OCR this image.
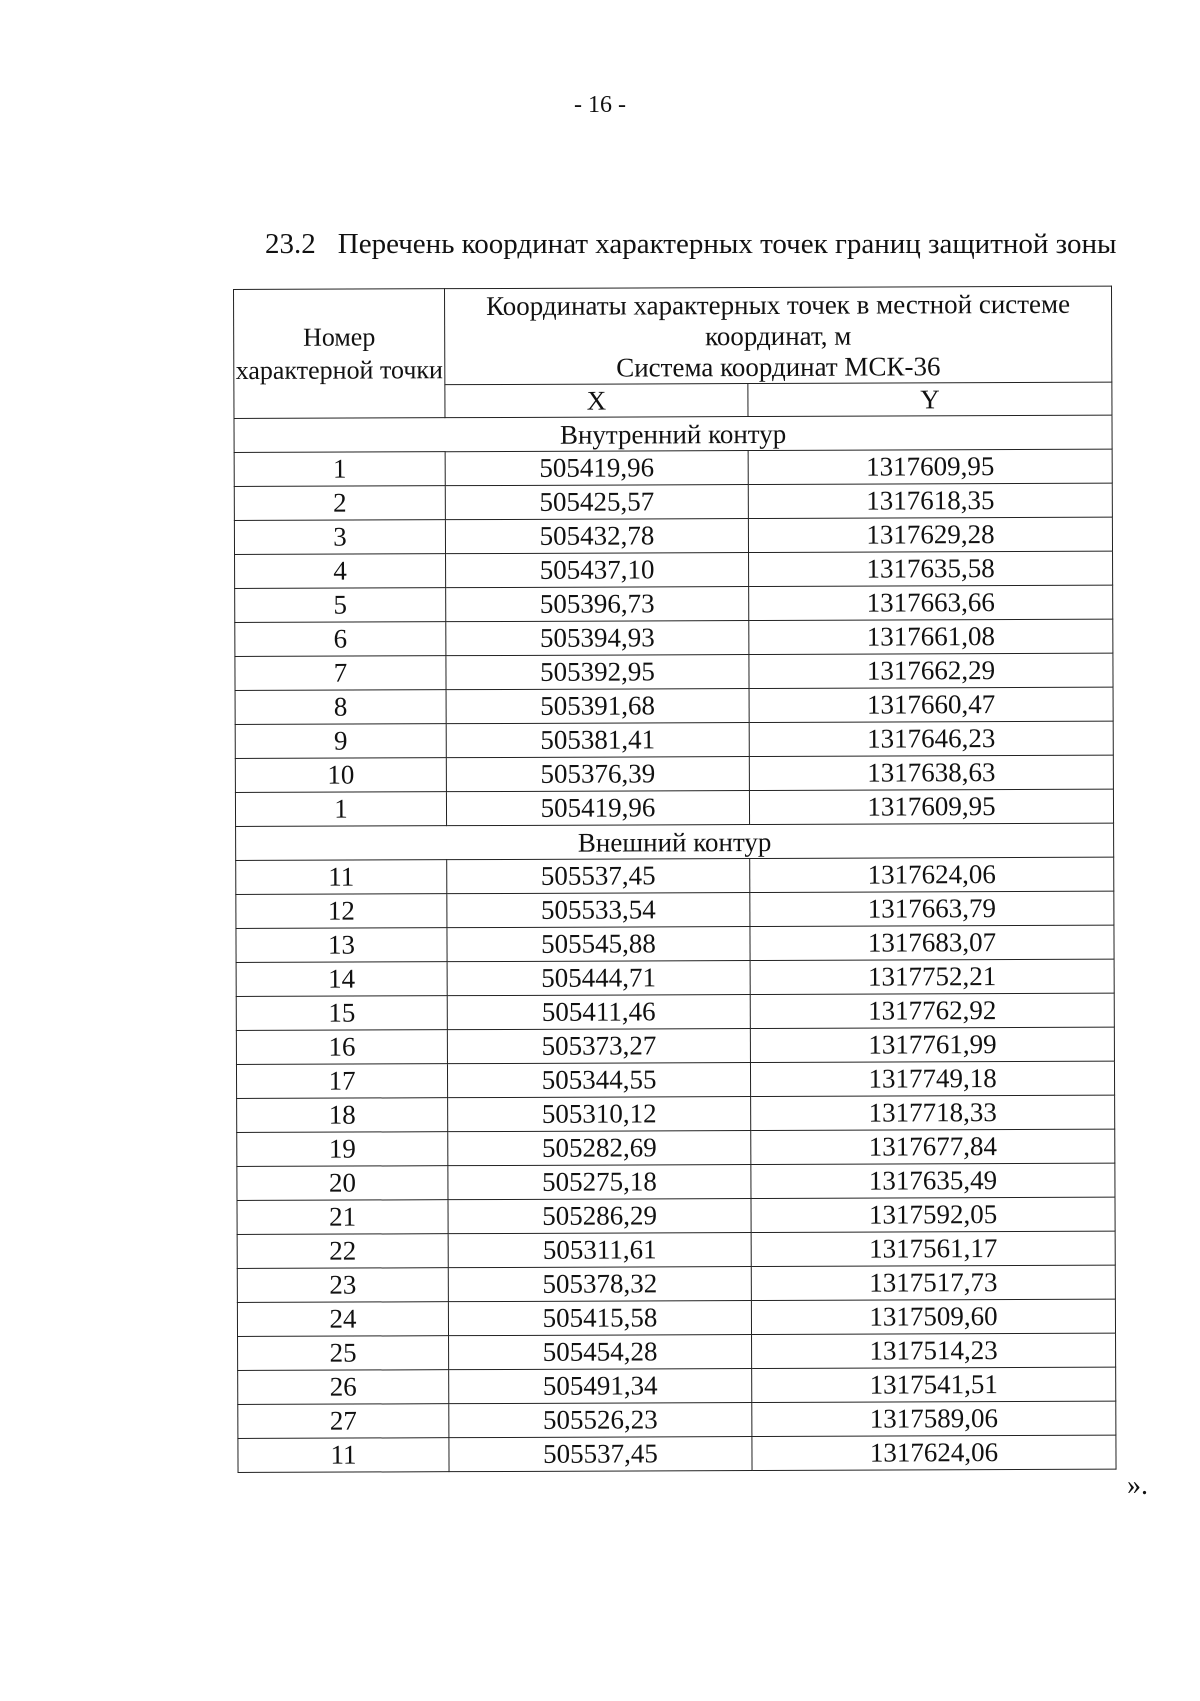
- 16 -
23.2 Перечень координат характерных точек границ защитной зоны
Номер характерной точки	Координаты характерных точек в местной системе координат, м
Система координат МСК-36	

	X	Y
Внутренний контур		
1	505419,96	1317609,95
2	505425,57	1317618,35
3	505432,78	1317629,28
4	505437,10	1317635,58
5	505396,73	1317663,66
6	505394,93	1317661,08
7	505392,95	1317662,29
8	505391,68	1317660,47
9	505381,41	1317646,23
10	505376,39	1317638,63
1	505419,96	1317609,95
Внешний контур		
11	505537,45	1317624,06
12	505533,54	1317663,79
13	505545,88	1317683,07
14	505444,71	1317752,21
15	505411,46	1317762,92
16	505373,27	1317761,99
17	505344,55	1317749,18
18	505310,12	1317718,33
19	505282,69	1317677,84
20	505275,18	1317635,49
21	505286,29	1317592,05
22	505311,61	1317561,17
23	505378,32	1317517,73
24	505415,58	1317509,60
25	505454,28	1317514,23
26	505491,34	1317541,51
27	505526,23	1317589,06
11	505537,45	1317624,06
».
